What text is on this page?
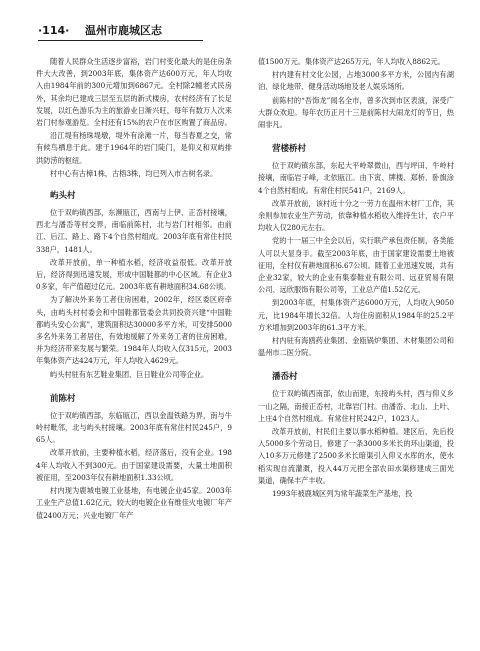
·114· 温州市鹿城区志

随着人民群众生活逐步富裕，岩门村变化最大的是住房条件大大改善，到2003年底，集体资产达600万元，年人均收入由1984年前的300元增加到6867元。全村除2幢老式民房外，其余均已建成三层至五层的新式楼房，农村经济有了长足发展，以红色游乐为主的旅游业日渐兴旺，每年有数万人次来岩门村参观游览。全村还有15%的农户在市区购置了商品房。

沿江堤有杨珠堤墩，堤外有涂滩一片，每当春夏之交，常有候鸟栖息于此。建于1964年的岩门陡门，是仰义和双屿排洪防涝的枢纽。

村中心有古樟1株，古榕3株，均已列入市古树名录。

屿头村

位于双屿镇西部，东濒瓯江，西南与上伊、正岙村接壤，西北与潘岙等村交界，南临前陈村，北与岩门村相邻。由前江、后江、路上、路下4个自然村组成。2003年底有常住村民338户，1481人。

改革开放前，单一种植水稻，经济收益很低。改革开放后，经济得到迅速发展，形成中国鞋都的中心区域。有企业30多家，年产值超过亿元。2003年底有耕地面积34.68公顷。

为了解决外来务工者住房困难，2002年，经区委区府牵头，由屿头村村委会和中国鞋都管委会共同投资兴建“中国鞋都屿头安心公寓”，建筑面积达30000多平方米，可安排5000多名外来务工者居住，有效地缓解了外来务工者的住房困难，并为经济带来发展与繁荣。1984年人均收入仅315元，2003年集体资产达424万元，年人均收入4629元。

屿头村驻有东艺鞋业集团、巨日鞋业公司等企业。

前陈村

位于双屿镇西部，东临瓯江，西以金温铁路为界，南与牛岭村毗邻，北与屿头村接壤。2003年底有常住村民245户，965人。

改革开放前，主要种植水稻，经济落后，没有企业。1984年人均收入不到300元。由于国家建设需要，大量土地面积被征用，至2003年仅有耕地面积1.33公顷。

村内现为鹿城电镀工业基地，有电镀企业45家。2003年工业生产总值1.62亿元，较大的电镀企业有维佳火电镀厂年产值2400万元；兴业电镀厂年产

值1500万元。集体资产达265万元，年人均收入8862元。

村内建有村文化公园，占地3000多平方米，公园内有湖泊、绿化地带、健身活动场地及老人娱乐场所。

前陈村的“吾饰龙”闻名全市，曾多次到市区表演，深受广大群众欢迎。每年农历正月十三是前陈村大闹龙灯的节日，热闹非凡。

营楼桥村

位于双屿镇东部，东起大平岭翠微山，西与坪田、牛岭村接壤，南临岩子峰，北依瓯江。由下寅、牌楼、郑桥、卧旗涂4个自然村组成。有常住村民541户，2169人。

改革开放前，该村近十分之一劳力在温州木材厂工作，其余则参加农业生产劳动，依靠种植水稻收入维持生计，农户平均收入仅280元左右。

党的十一届三中全会以后，实行联产承包责任制，各类能人可以大显身手。截至2003年底，由于国家建设需要土地被征用，全村仅有耕地面积6.67公顷。随着工业迅速发展，共有企业32家，较大的企业有集泰鞋业有限公司、远亚贸易有限公司、远欣服饰有限公司等，工业总产值1.52亿元。

到2003年底，村集体资产达6000万元，人均收入9050元，比1984年增长32倍。人均住房面积从1984年的25.2平方米增加到2003年的61.3平方米。

村内驻有海鸥药业集团、金瓯锅炉集团、木材集团公司和温州市二医分院。

潘岙村

位于双屿镇西南部，依山而建，东接屿头村，西与仰义乡一山之隔，南接正岙村，北靠岩门村。由潘岙、北山、上叶、上庄4个自然村组成。有常住村民242户，1023人。

改革开放前，村民们主要以事水稻种植。建区后，先后投入5000多个劳动日，修建了一条3000多米长的环山渠道，投入10多万元修建了2500多米长暗渠引入仰义水库的水，使水稻实现自流灌溉，投入44万元把全部农田水渠修建成三面光渠道，确保丰产丰收。

1993年被鹿城区列为常年蔬菜生产基地，投
